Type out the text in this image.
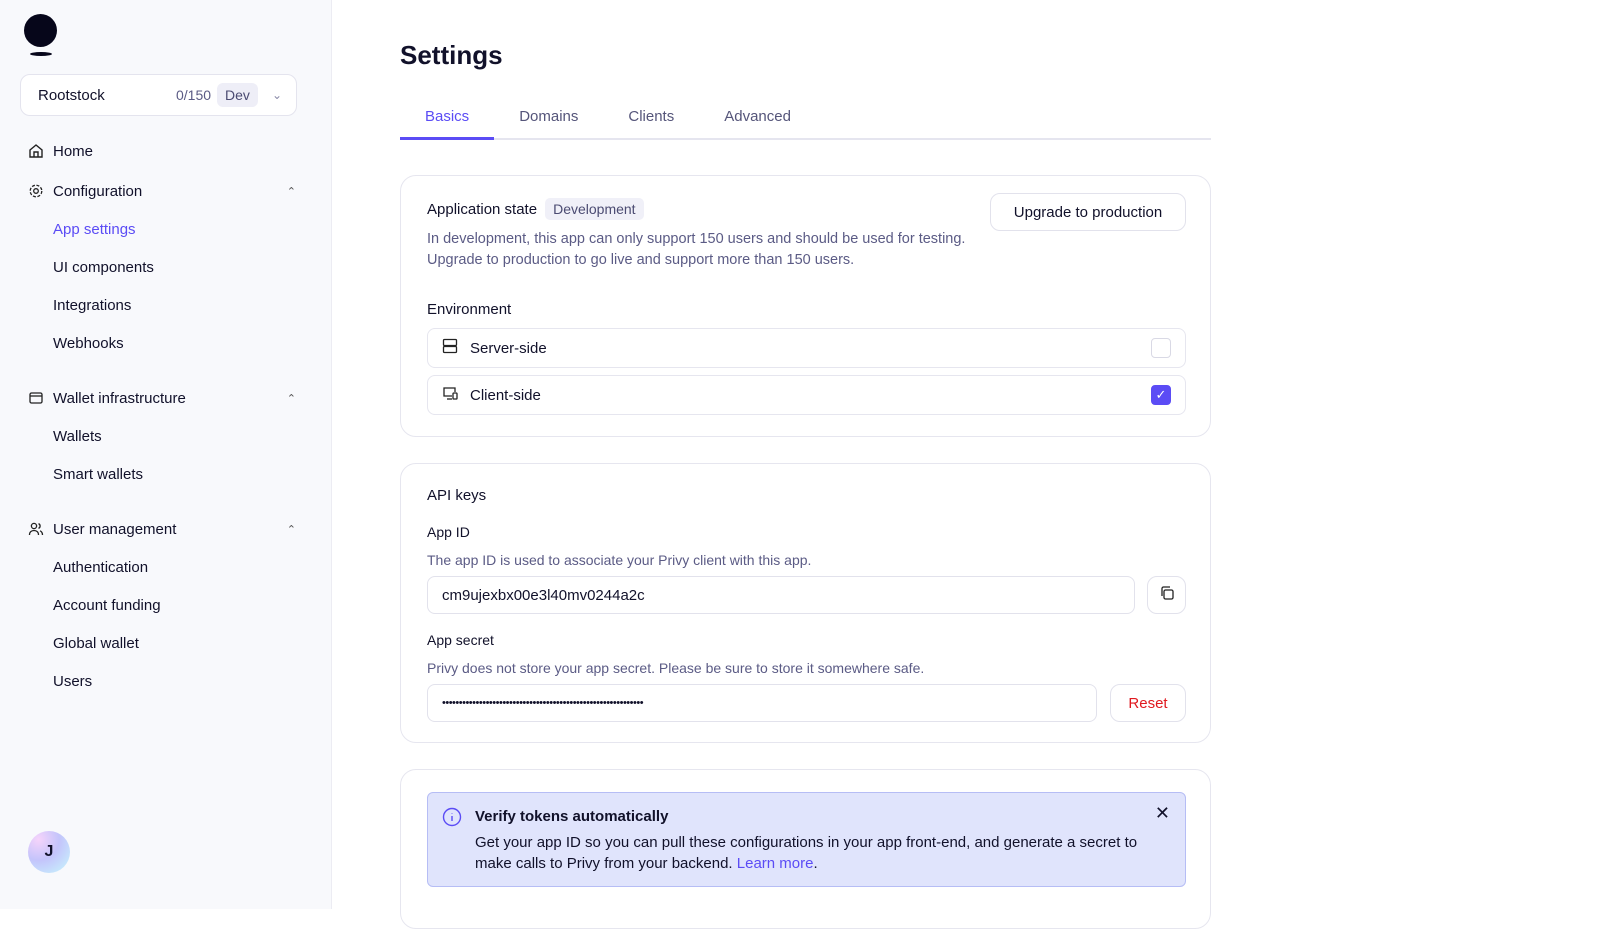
Rootstock	0/150	Dev	⌄
Home
Configuration	⌃
App settings
UI components
Integrations
Webhooks
Wallet infrastructure	⌃
Wallets
Smart wallets
User management	⌃
Authentication
Account funding
Global wallet
Users
J
Settings
Basics	Domains	Clients	Advanced
Application state	Development
In development, this app can only support 150 users and should be used for testing. Upgrade to production to go live and support more than 150 users.
Upgrade to production
Environment
Server-side
Client-side	✓
API keys
App ID
The app ID is used to associate your Privy client with this app.
cm9ujexbx00e3l40mv0244a2c
App secret
Privy does not store your app secret. Please be sure to store it somewhere safe.
••••••••••••••••••••••••••••••••••••••••••••••••••••••••••••	Reset
Verify tokens automatically
Get your app ID so you can pull these configurations in your app front-end, and generate a secret to make calls to Privy from your backend. Learn more.
✕
